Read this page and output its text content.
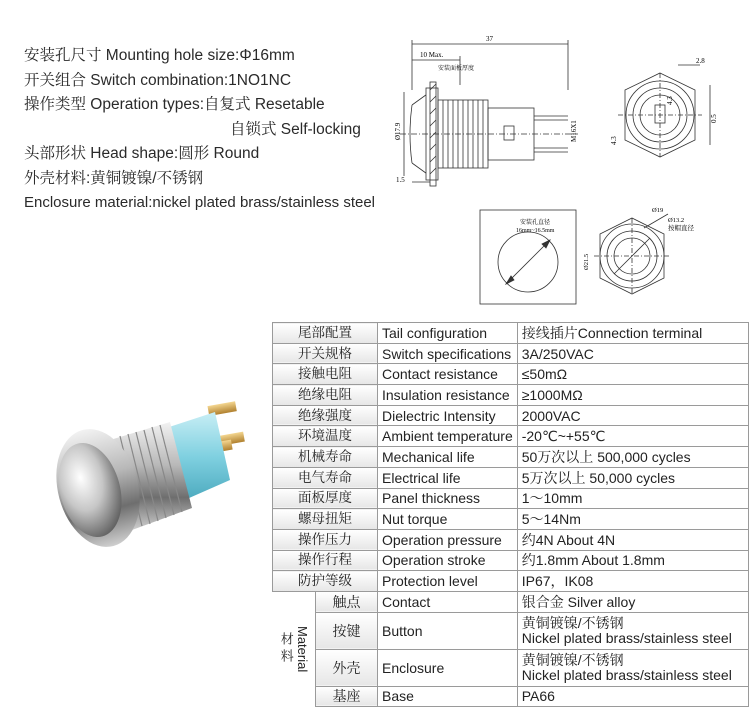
安装孔尺寸 Mounting hole size:Φ16mm
开关组合 Switch combination:1NO1NC
操作类型 Operation types:自复式 Resetable
自锁式 Self-locking
头部形状 Head shape:圆形 Round
外壳材料:黄铜镀镍/不锈钢
Enclosure material:nickel plated brass/stainless steel
37
10 Max.
安装面板厚度
Ø17.9	M16X1
1.5
2.8
0.5
4.3
4.3
安装孔直径
16mm~16.5mm
Ø19
Ø13.2
按帽直径
Ø21.5
尾部配置		Tail configuration	接线插片Connection terminal
开关规格		Switch specifications	3A/250VAC
接触电阻		Contact resistance	≤50mΩ
绝缘电阻		Insulation resistance	≥1000MΩ
绝缘强度		Dielectric Intensity	2000VAC
环境温度		Ambient temperature	-20℃~+55℃
机械寿命		Mechanical life	50万次以上 500,000 cycles
电气寿命		Electrical life	5万次以上 50,000 cycles
面板厚度		Panel thickness	1～10mm
螺母扭矩		Nut torque	5～14Nm
操作压力		Operation pressure	约4N About 4N
操作行程		Operation stroke	约1.8mm About 1.8mm
防护等级		Protection level	IP67，IK08

材料 Material	触点	Contact	银合金 Silver alloy
	按键	Button	黄铜镀镍/不锈钢
Nickel plated brass/stainless steel

	外壳	Enclosure	黄铜镀镍/不锈钢
Nickel plated brass/stainless steel

	基座	Base	PA66
